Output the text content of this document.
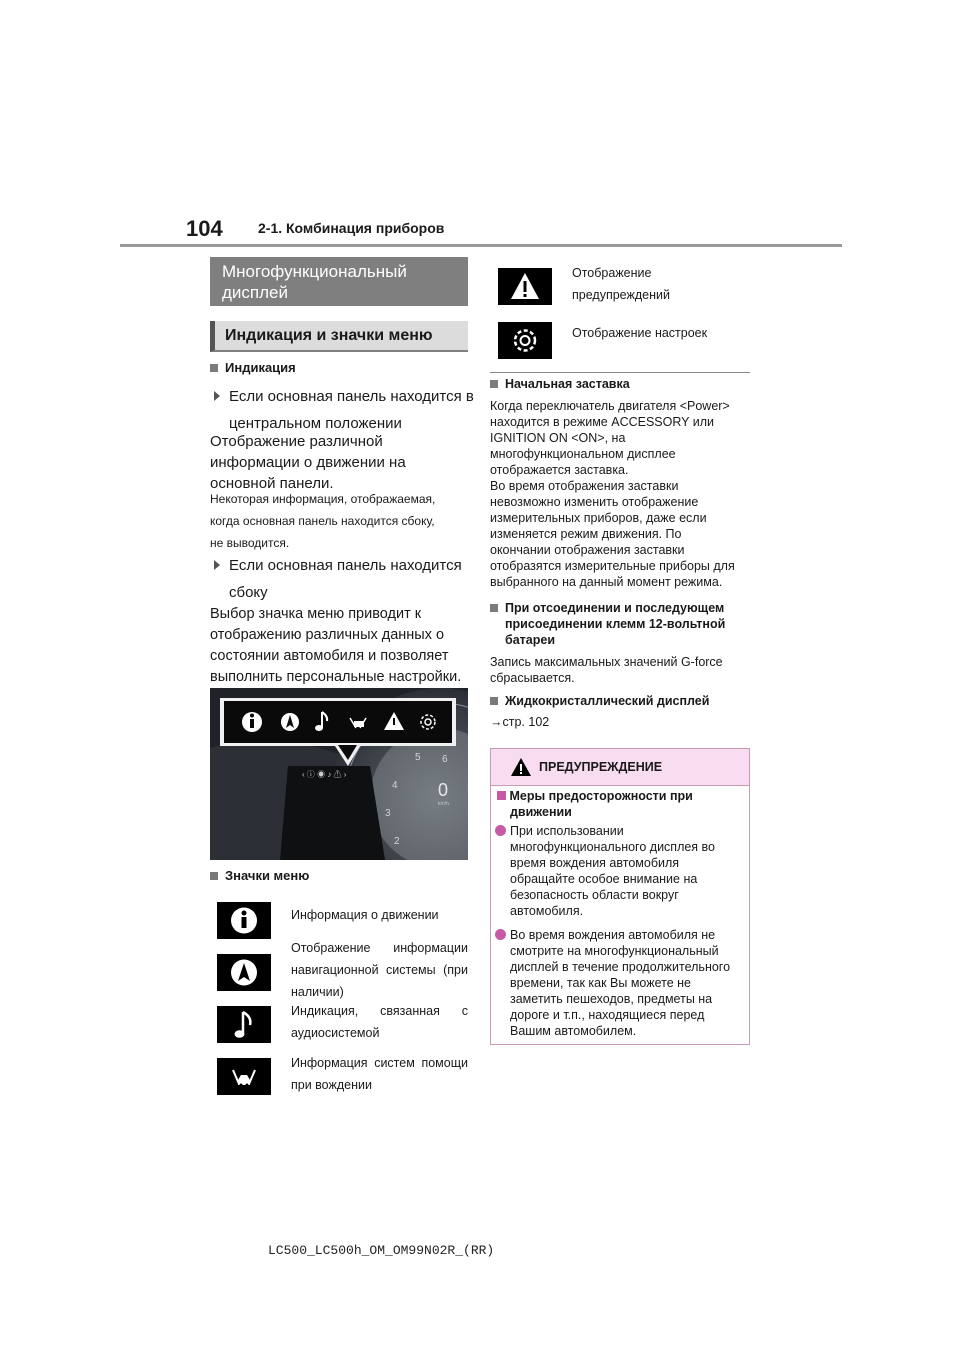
104	2-1. Комбинация приборов
Многофункциональный
дисплей
Индикация и значки меню
Индикация
Если основная панель находится в
центральном положении
Отображение различной
информации о движении на
основной панели.
Некоторая информация, отображаемая,
когда основная панель находится сбоку,
не выводится.
Если основная панель находится
сбоку
Выбор значка меню приводит к
отображению различных данных о
состоянии автомобиля и позволяет
выполнить персональные настройки.
‹ ⓘ ◉ ♪ ⚠ ›
2
3
4
5 6
0
km/h
Значки меню
Информация о движении
Отображение информации
навигационной системы (при
наличии)
Индикация, связанная с
аудиосистемой
Информация систем помощи
при вождении
Отображение
предупреждений
Отображение настроек
Начальная заставка
Когда переключатель двигателя <Power>
находится в режиме ACCESSORY или
IGNITION ON <ON>, на
многофункциональном дисплее
отображается заставка.
Во время отображения заставки
невозможно изменить отображение
измерительных приборов, даже если
изменяется режим движения. По
окончании отображения заставки
отобразятся измерительные приборы для
выбранного на данный момент режима.
При отсоединении и последующем
присоединении клемм 12-вольтной
батареи
Запись максимальных значений G-force
сбрасывается.
Жидкокристаллический дисплей
→стр. 102
ПРЕДУПРЕЖДЕНИЕ
Меры предосторожности при
движении
При использовании
многофункционального дисплея во
время вождения автомобиля
обращайте особое внимание на
безопасность области вокруг
автомобиля.
Во время вождения автомобиля не
смотрите на многофункциональный
дисплей в течение продолжительного
времени, так как Вы можете не
заметить пешеходов, предметы на
дороге и т.п., находящиеся перед
Вашим автомобилем.
LC500_LC500h_OM_OM99N02R_(RR)
